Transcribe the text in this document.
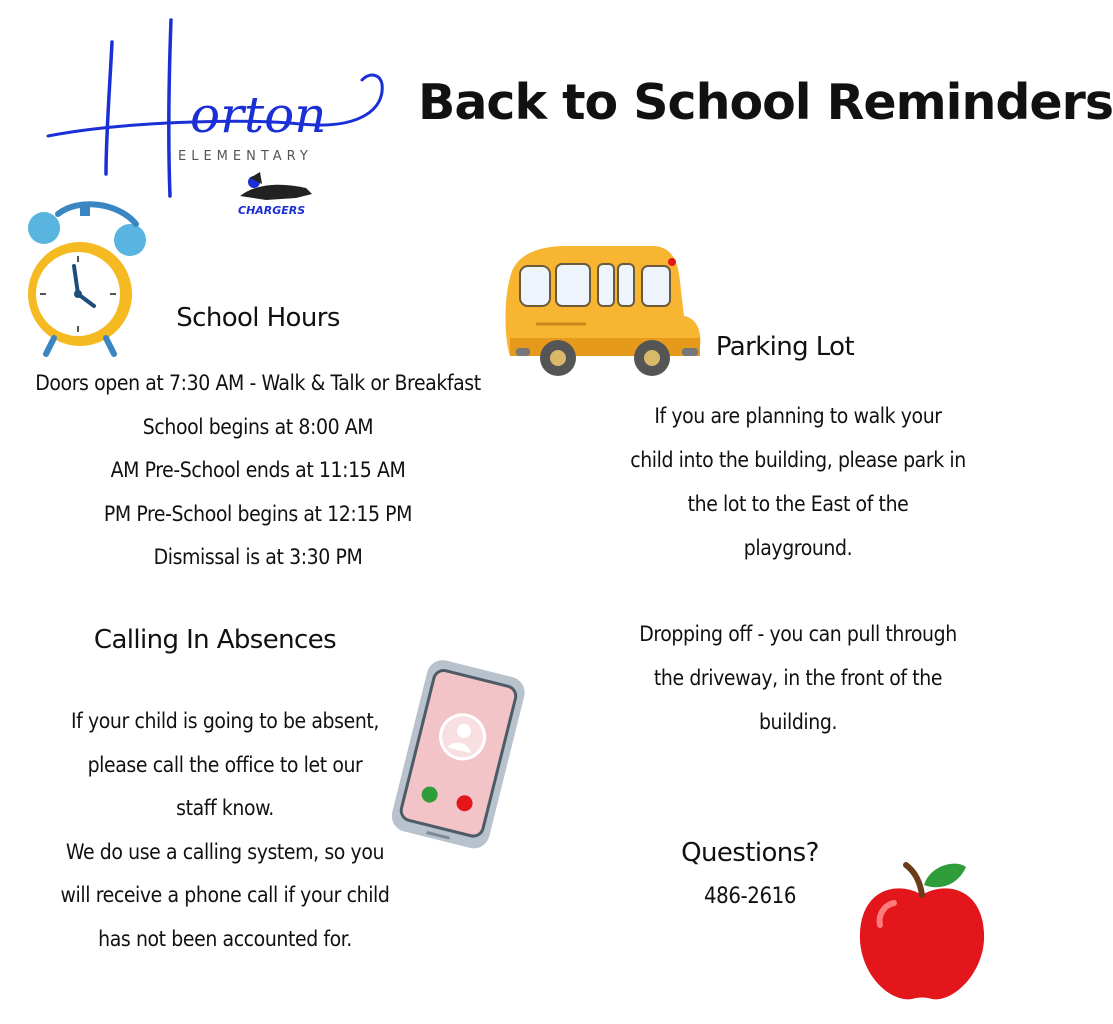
orton
ELEMENTARY
CHARGERS
Back to School Reminders
School Hours
Doors open at 7:30 AM - Walk & Talk or Breakfast
School begins at 8:00 AM
AM Pre-School ends at 11:15 AM
PM Pre-School begins at 12:15 PM
Dismissal is at 3:30 PM
Parking Lot
If you are planning to walk your
child into the building, please park in
the lot to the East of the
playground.
Dropping off - you can pull through
the driveway, in the front of the
building.
Calling In Absences
If your child is going to be absent,
please call the office to let our
staff know.
We do use a calling system, so you
will receive a phone call if your child
has not been accounted for.
Questions?
486-2616
